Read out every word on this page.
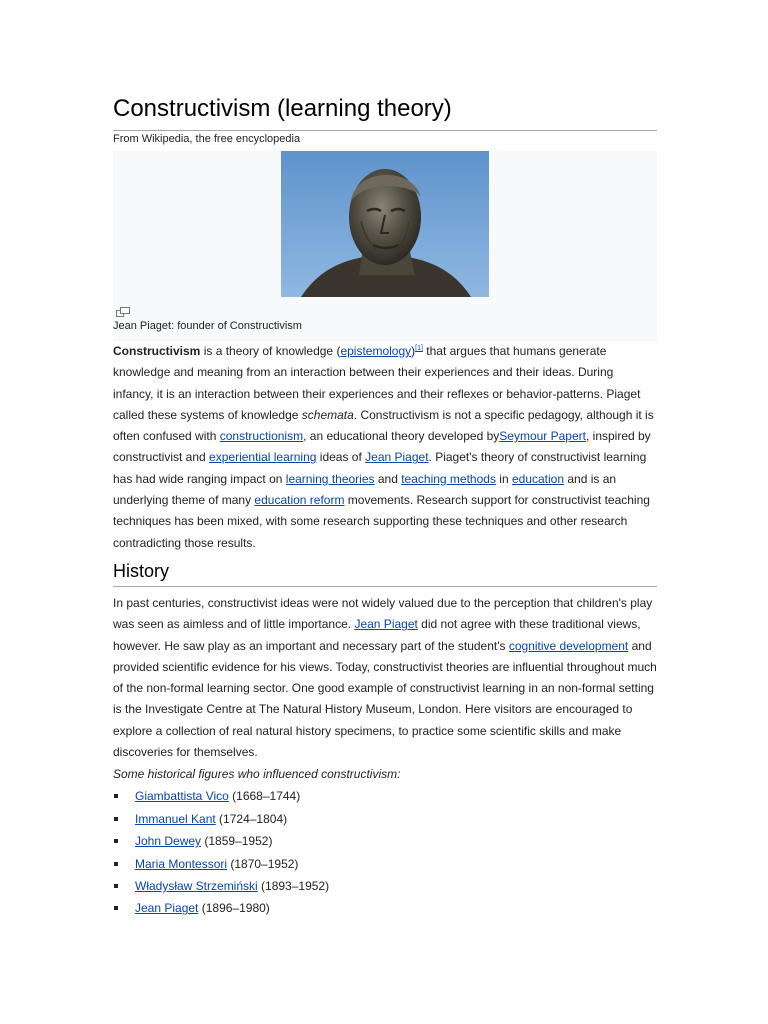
Constructivism (learning theory)
From Wikipedia, the free encyclopedia
Jean Piaget: founder of Constructivism

Constructivism is a theory of knowledge (epistemology)[1] that argues that humans generate knowledge and meaning from an interaction between their experiences and their ideas. During infancy, it is an interaction between their experiences and their reflexes or behavior-patterns. Piaget called these systems of knowledge schemata. Constructivism is not a specific pedagogy, although it is often confused with constructionism, an educational theory developed bySeymour Papert, inspired by constructivist and experiential learning ideas of Jean Piaget. Piaget's theory of constructivist learning has had wide ranging impact on learning theories and teaching methods in education and is an underlying theme of many education reform movements. Research support for constructivist teaching techniques has been mixed, with some research supporting these techniques and other research contradicting those results.

History

In past centuries, constructivist ideas were not widely valued due to the perception that children's play was seen as aimless and of little importance. Jean Piaget did not agree with these traditional views, however. He saw play as an important and necessary part of the student's cognitive development and provided scientific evidence for his views. Today, constructivist theories are influential throughout much of the non-formal learning sector. One good example of constructivist learning in an non-formal setting is the Investigate Centre at The Natural History Museum, London. Here visitors are encouraged to explore a collection of real natural history specimens, to practice some scientific skills and make discoveries for themselves.

Some historical figures who influenced constructivism:
Giambattista Vico (1668–1744)
Immanuel Kant (1724–1804)
John Dewey (1859–1952)
Maria Montessori (1870–1952)
Władysław Strzemiński (1893–1952)
Jean Piaget (1896–1980)
